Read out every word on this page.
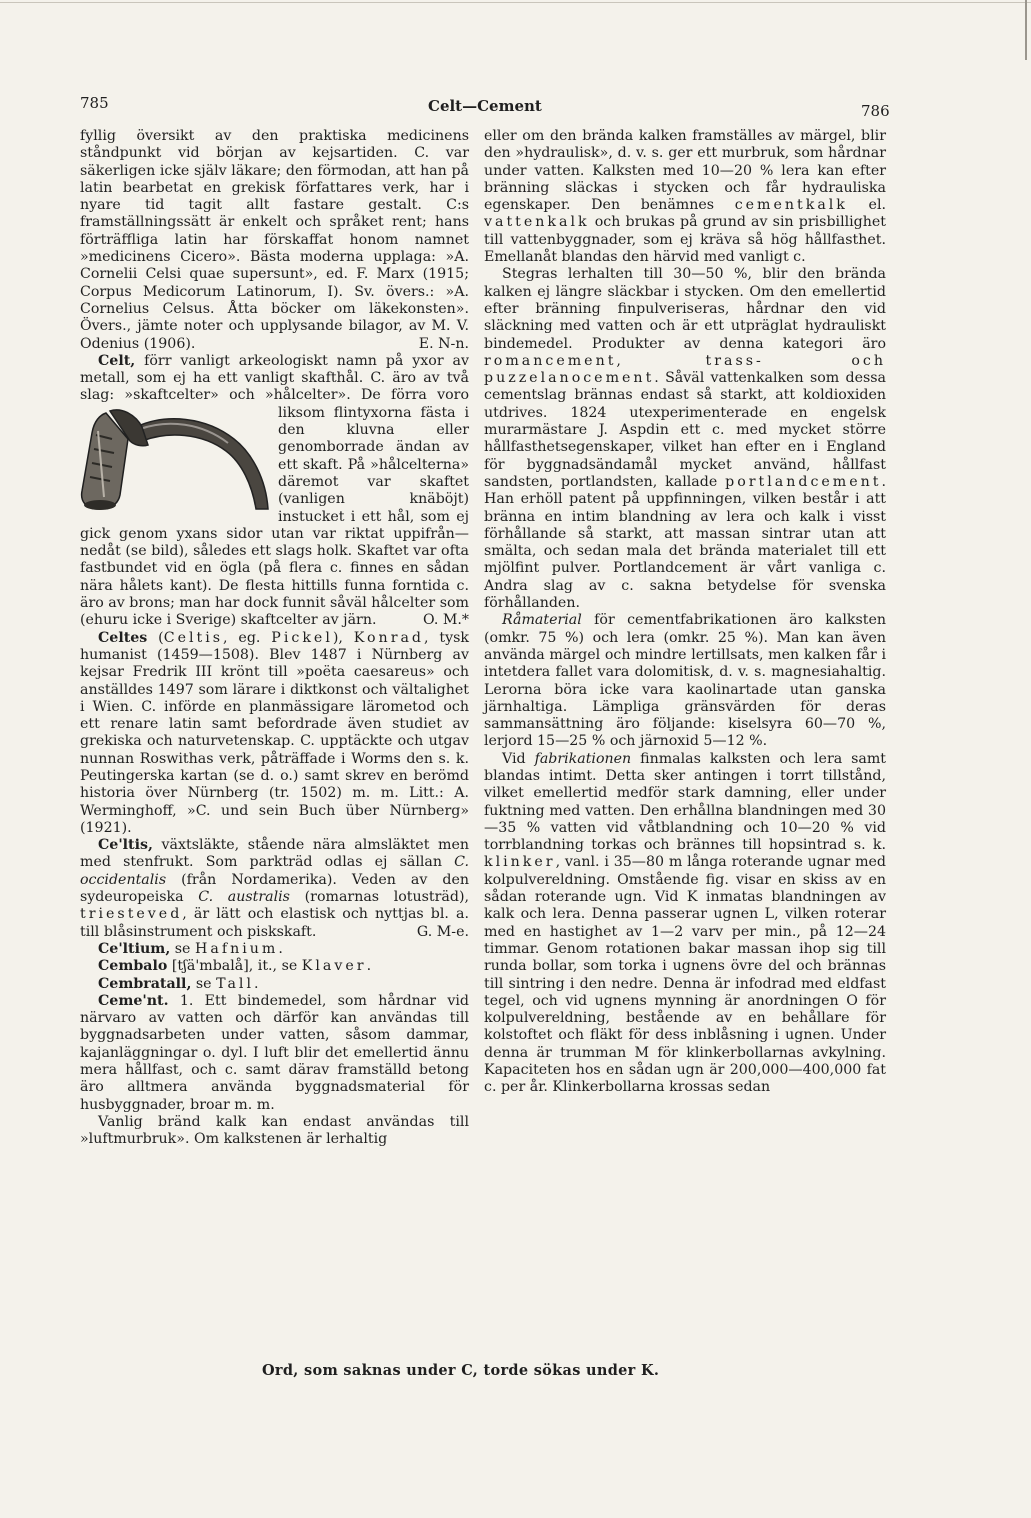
785	Celt—Cement	786

fyllig översikt av den praktiska medicinens ståndpunkt vid början av kejsartiden. C. var säkerligen icke själv läkare; den förmodan, att han på latin bearbetat en grekisk författares verk, har i nyare tid tagit allt fastare gestalt. C:s framställningssätt är enkelt och språket rent; hans förträffliga latin har förskaffat honom namnet »medicinens Cicero». Bästa moderna upplaga: »A. Cornelii Celsi quae supersunt», ed. F. Marx (1915; Corpus Medicorum Latinorum, I). Sv. övers.: »A. Cornelius Celsus. Åtta böcker om läkekonsten». Övers., jämte noter och upplysande bilagor, av M. V. Odenius (1906).	E. N-n.

Celt, förr vanligt arkeologiskt namn på yxor av metall, som ej ha ett vanligt skafthål. C. äro av två slag: »skaftcelter» och »hålcelter». De förra voro liksom flintyxorna fästa i den kluvna eller genomborrade ändan av ett skaft. På »hålcelterna» däremot var skaftet (vanligen knäböjt) instucket i ett hål, som ej gick genom yxans sidor utan var riktat uppifrån—nedåt (se bild), således ett slags holk. Skaftet var ofta fastbundet vid en ögla (på flera c. finnes en sådan nära hålets kant). De flesta hittills funna forntida c. äro av brons; man har dock funnit såväl hålcelter som (ehuru icke i Sverige) skaftcelter av järn.	O. M.*

Celtes (Celtis, eg. Pickel), Konrad, tysk humanist (1459—1508). Blev 1487 i Nürnberg av kejsar Fredrik III krönt till »poëta caesareus» och anställdes 1497 som lärare i diktkonst och vältalighet i Wien. C. införde en planmässigare lärometod och ett renare latin samt befordrade även studiet av grekiska och naturvetenskap. C. upptäckte och utgav nunnan Roswithas verk, påträffade i Worms den s. k. Peutingerska kartan (se d. o.) samt skrev en berömd historia över Nürnberg (tr. 1502) m. m. Litt.: A. Werminghoff, »C. und sein Buch über Nürnberg» (1921).

Ce'ltis, växtsläkte, stående nära almsläktet men med stenfrukt. Som parkträd odlas ej sällan C. occidentalis (från Nordamerika). Veden av den sydeuropeiska C. australis (romarnas lotusträd), triesteved, är lätt och elastisk och nyttjas bl. a. till blåsinstrument och piskskaft.	G. M-e.

Ce'ltium, se Hafnium.

Cembalo [tʃä'mbalå], it., se Klaver.

Cembratall, se Tall.

Ceme'nt. 1. Ett bindemedel, som hårdnar vid närvaro av vatten och därför kan användas till byggnadsarbeten under vatten, såsom dammar, kajanläggningar o. dyl. I luft blir det emellertid ännu mera hållfast, och c. samt därav framställd betong äro alltmera använda byggnadsmaterial för husbyggnader, broar m. m.

Vanlig bränd kalk kan endast användas till »luftmurbruk». Om kalkstenen är lerhaltig

eller om den brända kalken framställes av märgel, blir den »hydraulisk», d. v. s. ger ett murbruk, som hårdnar under vatten. Kalksten med 10—20 % lera kan efter bränning släckas i stycken och får hydrauliska egenskaper. Den benämnes cementkalk el. vattenkalk och brukas på grund av sin prisbillighet till vattenbyggnader, som ej kräva så hög hållfasthet. Emellanåt blandas den härvid med vanligt c.

Stegras lerhalten till 30—50 %, blir den brända kalken ej längre släckbar i stycken. Om den emellertid efter bränning finpulveriseras, hårdnar den vid släckning med vatten och är ett utpräglat hydrauliskt bindemedel. Produkter av denna kategori äro romancement,	trass- och puzzelanocement. Såväl vattenkalken som dessa cementslag brännas endast så starkt, att koldioxiden utdrives. 1824 utexperimenterade en engelsk murarmästare J. Aspdin ett c. med mycket större hållfasthetsegenskaper, vilket han efter en i England för byggnadsändamål mycket använd, hållfast sandsten, portlandsten, kallade portlandcement. Han erhöll patent på uppfinningen, vilken består i att bränna en intim blandning av lera och kalk i visst förhållande så starkt, att massan sintrar utan att smälta, och sedan mala det brända materialet till ett mjölfint pulver. Portlandcement är vårt vanliga c. Andra slag av c. sakna betydelse för svenska förhållanden.

Råmaterial för cementfabrikationen äro kalksten (omkr. 75 %) och lera (omkr. 25 %). Man kan även använda märgel och mindre lertillsats, men kalken får i intetdera fallet vara dolomitisk, d. v. s. magnesiahaltig. Lerorna böra icke vara kaolinartade utan ganska järnhaltiga. Lämpliga gränsvärden för deras sammansättning äro följande: kiselsyra 60—70 %, lerjord 15—25 % och järnoxid 5—12 %.

Vid fabrikationen finmalas kalksten och lera samt blandas intimt. Detta sker antingen i torrt tillstånd, vilket emellertid medför stark damning, eller under fuktning med vatten. Den erhållna blandningen med 30—35 % vatten vid våtblandning och 10—20 % vid torrblandning torkas och brännes till hopsintrad s. k. klinker, vanl. i 35—80 m långa roterande ugnar med kolpulvereldning. Omstående fig. visar en skiss av en sådan roterande ugn. Vid K inmatas blandningen av kalk och lera. Denna passerar ugnen L, vilken roterar med en hastighet av 1—2 varv per min., på 12—24 timmar. Genom rotationen bakar massan ihop sig till runda bollar, som torka i ugnens övre del och brännas till sintring i den nedre. Denna är infodrad med eldfast tegel, och vid ugnens mynning är anordningen O för kolpulvereldning, bestående av en behållare för kolstoftet och fläkt för dess inblåsning i ugnen. Under denna är trumman M för klinkerbollarnas avkylning. Kapaciteten hos en sådan ugn är 200,000—400,000 fat c. per år. Klinkerbollarna krossas sedan

Ord, som saknas under C, torde sökas under K.
